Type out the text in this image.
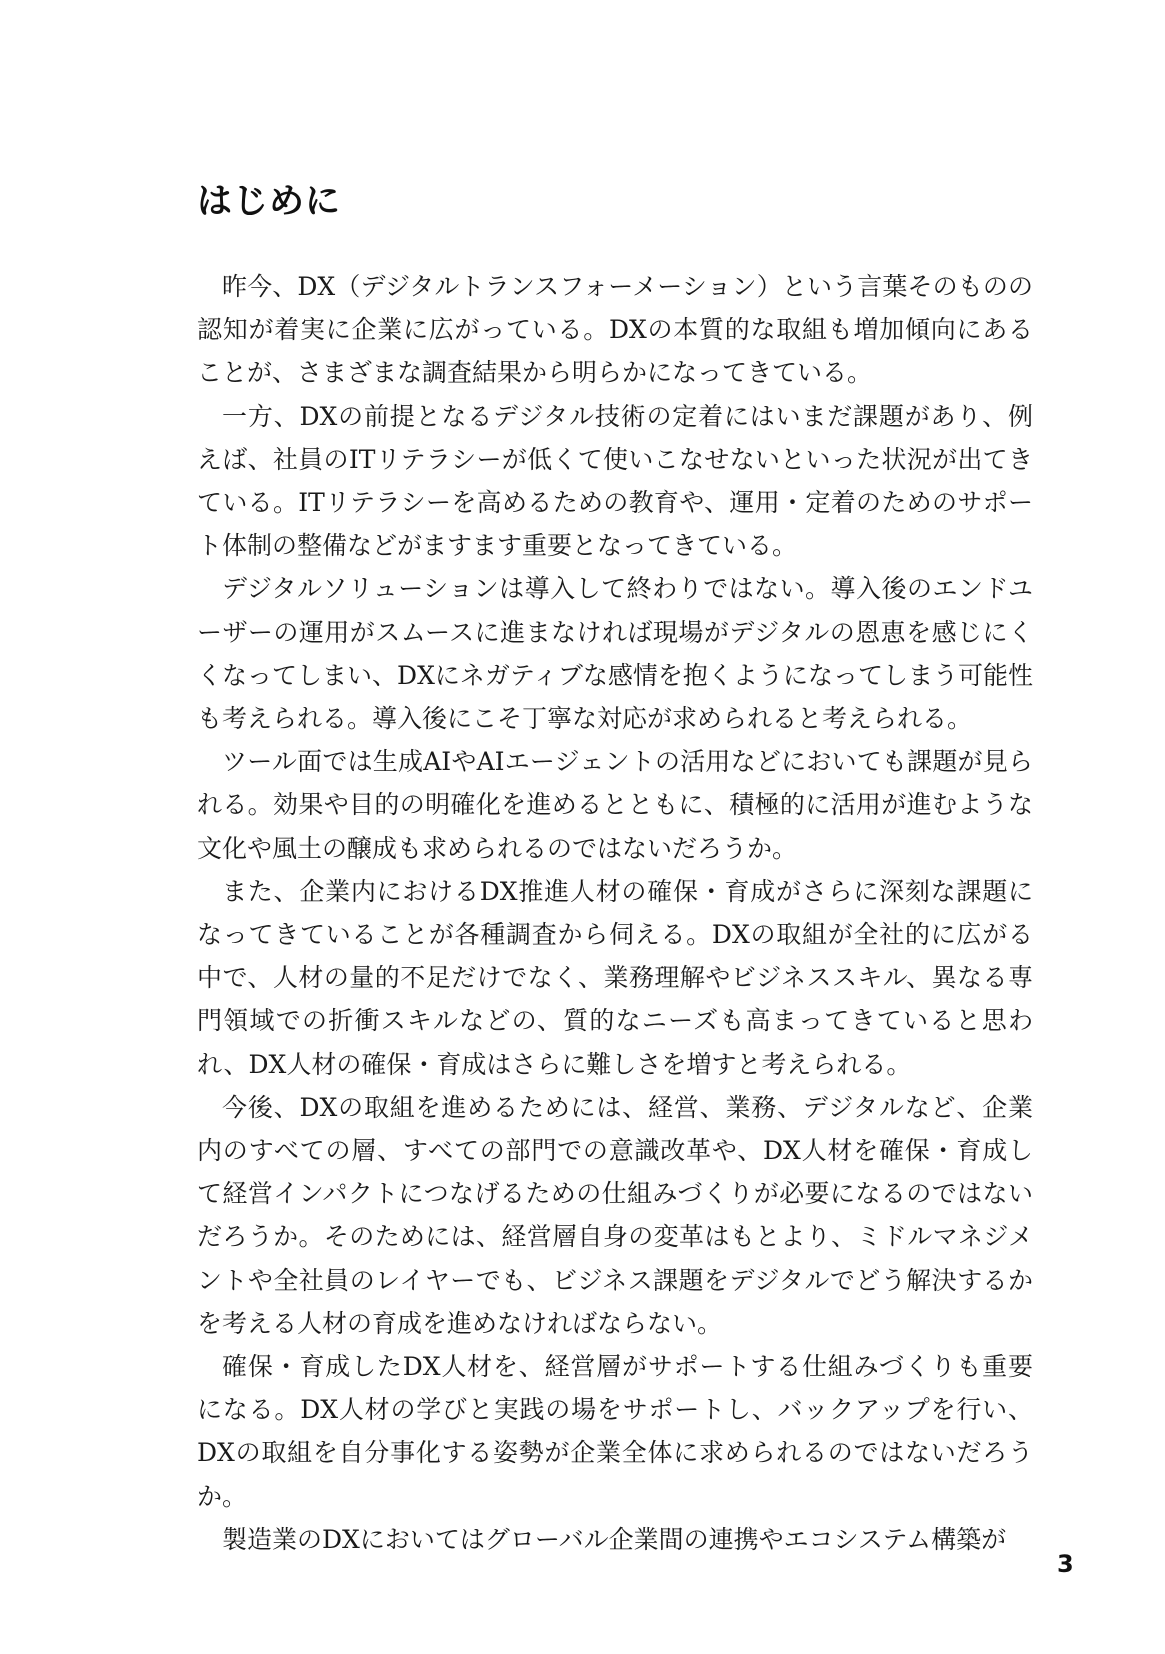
はじめに

昨今、DX（デジタルトランスフォーメーション）という言葉そのものの認知が着実に企業に広がっている。DXの本質的な取組も増加傾向にあることが、さまざまな調査結果から明らかになってきている。

一方、DXの前提となるデジタル技術の定着にはいまだ課題があり、例えば、社員のITリテラシーが低くて使いこなせないといった状況が出てきている。ITリテラシーを高めるための教育や、運用・定着のためのサポート体制の整備などがますます重要となってきている。

デジタルソリューションは導入して終わりではない。導入後のエンドユーザーの運用がスムースに進まなければ現場がデジタルの恩恵を感じにくくなってしまい、DXにネガティブな感情を抱くようになってしまう可能性も考えられる。導入後にこそ丁寧な対応が求められると考えられる。

ツール面では生成AIやAIエージェントの活用などにおいても課題が見られる。効果や目的の明確化を進めるとともに、積極的に活用が進むような文化や風土の醸成も求められるのではないだろうか。

また、企業内におけるDX推進人材の確保・育成がさらに深刻な課題になってきていることが各種調査から伺える。DXの取組が全社的に広がる中で、人材の量的不足だけでなく、業務理解やビジネススキル、異なる専門領域での折衝スキルなどの、質的なニーズも高まってきていると思われ、DX人材の確保・育成はさらに難しさを増すと考えられる。

今後、DXの取組を進めるためには、経営、業務、デジタルなど、企業内のすべての層、すべての部門での意識改革や、DX人材を確保・育成して経営インパクトにつなげるための仕組みづくりが必要になるのではないだろうか。そのためには、経営層自身の変革はもとより、ミドルマネジメントや全社員のレイヤーでも、ビジネス課題をデジタルでどう解決するかを考える人材の育成を進めなければならない。

確保・育成したDX人材を、経営層がサポートする仕組みづくりも重要になる。DX人材の学びと実践の場をサポートし、バックアップを行い、DXの取組を自分事化する姿勢が企業全体に求められるのではないだろうか。

製造業のDXにおいてはグローバル企業間の連携やエコシステム構築が

3
